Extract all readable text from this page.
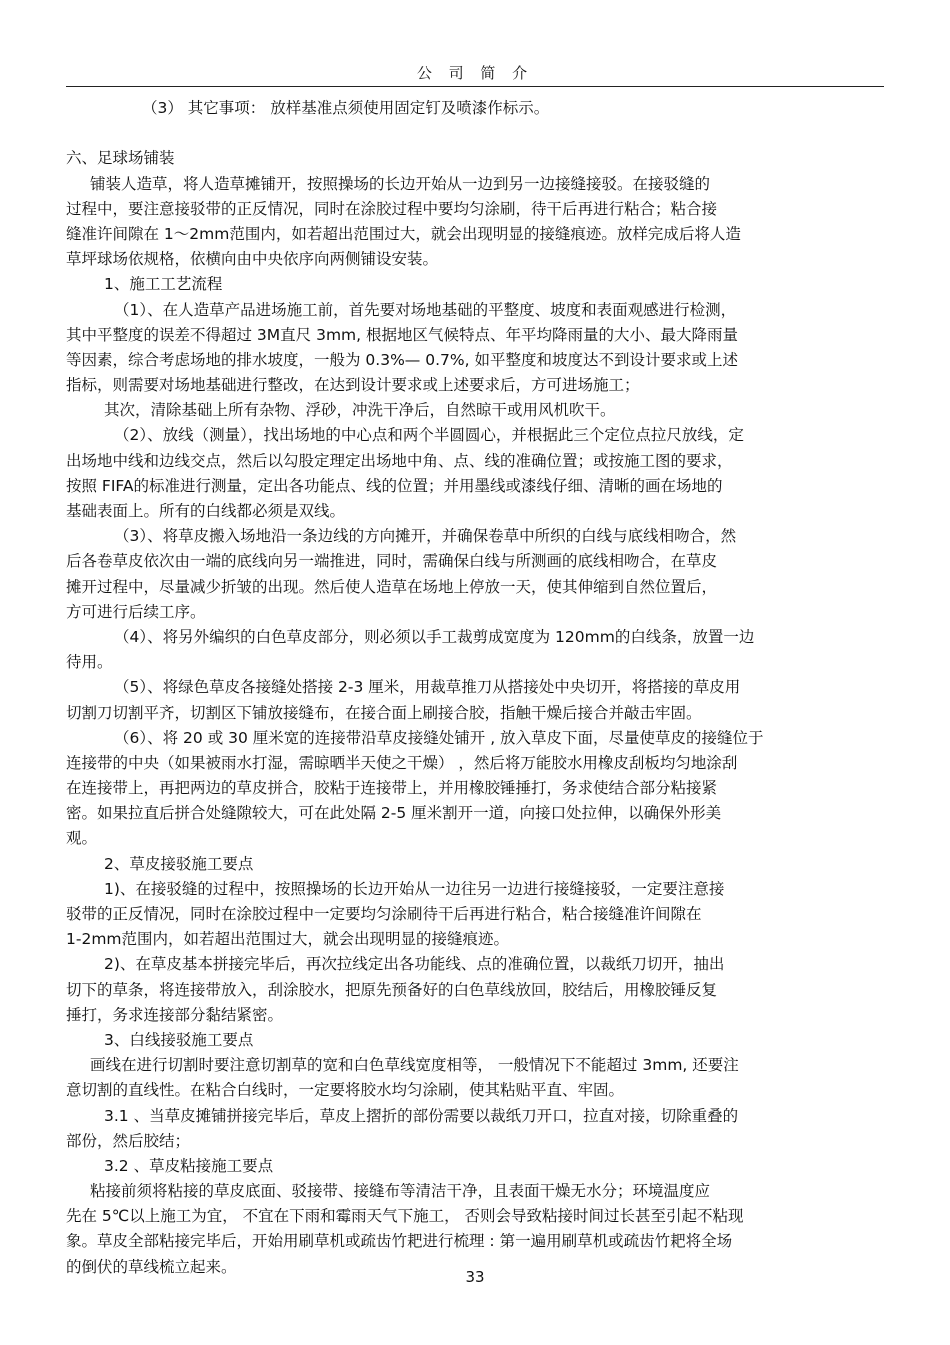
公 司 简 介
（3） 其它事项： 放样基准点须使用固定钉及喷漆作标示。
六、足球场铺装
铺装人造草，将人造草摊铺开，按照操场的长边开始从一边到另一边接缝接驳。在接驳缝的
过程中，要注意接驳带的正反情况，同时在涂胶过程中要均匀涂刷，待干后再进行粘合；粘合接
缝准许间隙在 1～2mm范围内，如若超出范围过大，就会出现明显的接缝痕迹。放样完成后将人造
草坪球场依规格，依横向由中央依序向两侧铺设安装。
1、施工工艺流程
（1）、在人造草产品进场施工前，首先要对场地基础的平整度、坡度和表面观感进行检测，
其中平整度的误差不得超过 3M直尺 3mm, 根据地区气候特点、年平均降雨量的大小、最大降雨量
等因素，综合考虑场地的排水坡度，一般为 0.3%— 0.7%, 如平整度和坡度达不到设计要求或上述
指标，则需要对场地基础进行整改，在达到设计要求或上述要求后，方可进场施工；
其次，清除基础上所有杂物、浮砂，冲洗干净后，自然晾干或用风机吹干。
（2）、放线（测量），找出场地的中心点和两个半圆圆心，并根据此三个定位点拉尺放线，定
出场地中线和边线交点，然后以勾股定理定出场地中角、点、线的准确位置；或按施工图的要求，
按照 FIFA的标准进行测量，定出各功能点、线的位置；并用墨线或漆线仔细、清晰的画在场地的
基础表面上。所有的白线都必须是双线。
（3）、将草皮搬入场地沿一条边线的方向摊开，并确保卷草中所织的白线与底线相吻合，然
后各卷草皮依次由一端的底线向另一端推进，同时，需确保白线与所测画的底线相吻合，在草皮
摊开过程中，尽量减少折皱的出现。然后使人造草在场地上停放一天，使其伸缩到自然位置后，
方可进行后续工序。
（4）、将另外编织的白色草皮部分，则必须以手工裁剪成宽度为 120mm的白线条，放置一边
待用。
（5）、将绿色草皮各接缝处搭接 2-3 厘米，用裁草推刀从搭接处中央切开，将搭接的草皮用
切割刀切割平齐，切割区下铺放接缝布，在接合面上刷接合胶，指触干燥后接合并敲击牢固。
（6）、将 20 或 30 厘米宽的连接带沿草皮接缝处铺开 , 放入草皮下面，尽量使草皮的接缝位于
连接带的中央（如果被雨水打湿，需晾晒半天使之干燥） ，然后将万能胶水用橡皮刮板均匀地涂刮
在连接带上，再把两边的草皮拼合，胶粘于连接带上，并用橡胶锤捶打，务求使结合部分粘接紧
密。如果拉直后拼合处缝隙较大，可在此处隔 2-5 厘米割开一道，向接口处拉伸，以确保外形美
观。
2、草皮接驳施工要点
1)、在接驳缝的过程中，按照操场的长边开始从一边往另一边进行接缝接驳，一定要注意接
驳带的正反情况，同时在涂胶过程中一定要均匀涂刷待干后再进行粘合，粘合接缝准许间隙在
1-2mm范围内，如若超出范围过大，就会出现明显的接缝痕迹。
2)、在草皮基本拼接完毕后，再次拉线定出各功能线、点的准确位置，以裁纸刀切开，抽出
切下的草条，将连接带放入，刮涂胶水，把原先预备好的白色草线放回，胶结后，用橡胶锤反复
捶打，务求连接部分黏结紧密。
3、白线接驳施工要点
画线在进行切割时要注意切割草的宽和白色草线宽度相等， 一般情况下不能超过 3mm, 还要注
意切割的直线性。在粘合白线时，一定要将胶水均匀涂刷，使其粘贴平直、牢固。
3.1 、当草皮摊铺拼接完毕后，草皮上摺折的部份需要以裁纸刀开口，拉直对接，切除重叠的
部份，然后胶结；
3.2 、草皮粘接施工要点
粘接前须将粘接的草皮底面、驳接带、接缝布等清洁干净，且表面干燥无水分；环境温度应
先在 5℃以上施工为宜， 不宜在下雨和霉雨天气下施工， 否则会导致粘接时间过长甚至引起不粘现
象。草皮全部粘接完毕后，开始用刷草机或疏齿竹耙进行梳理 : 第一遍用刷草机或疏齿竹耙将全场
的倒伏的草线梳立起来。
33
